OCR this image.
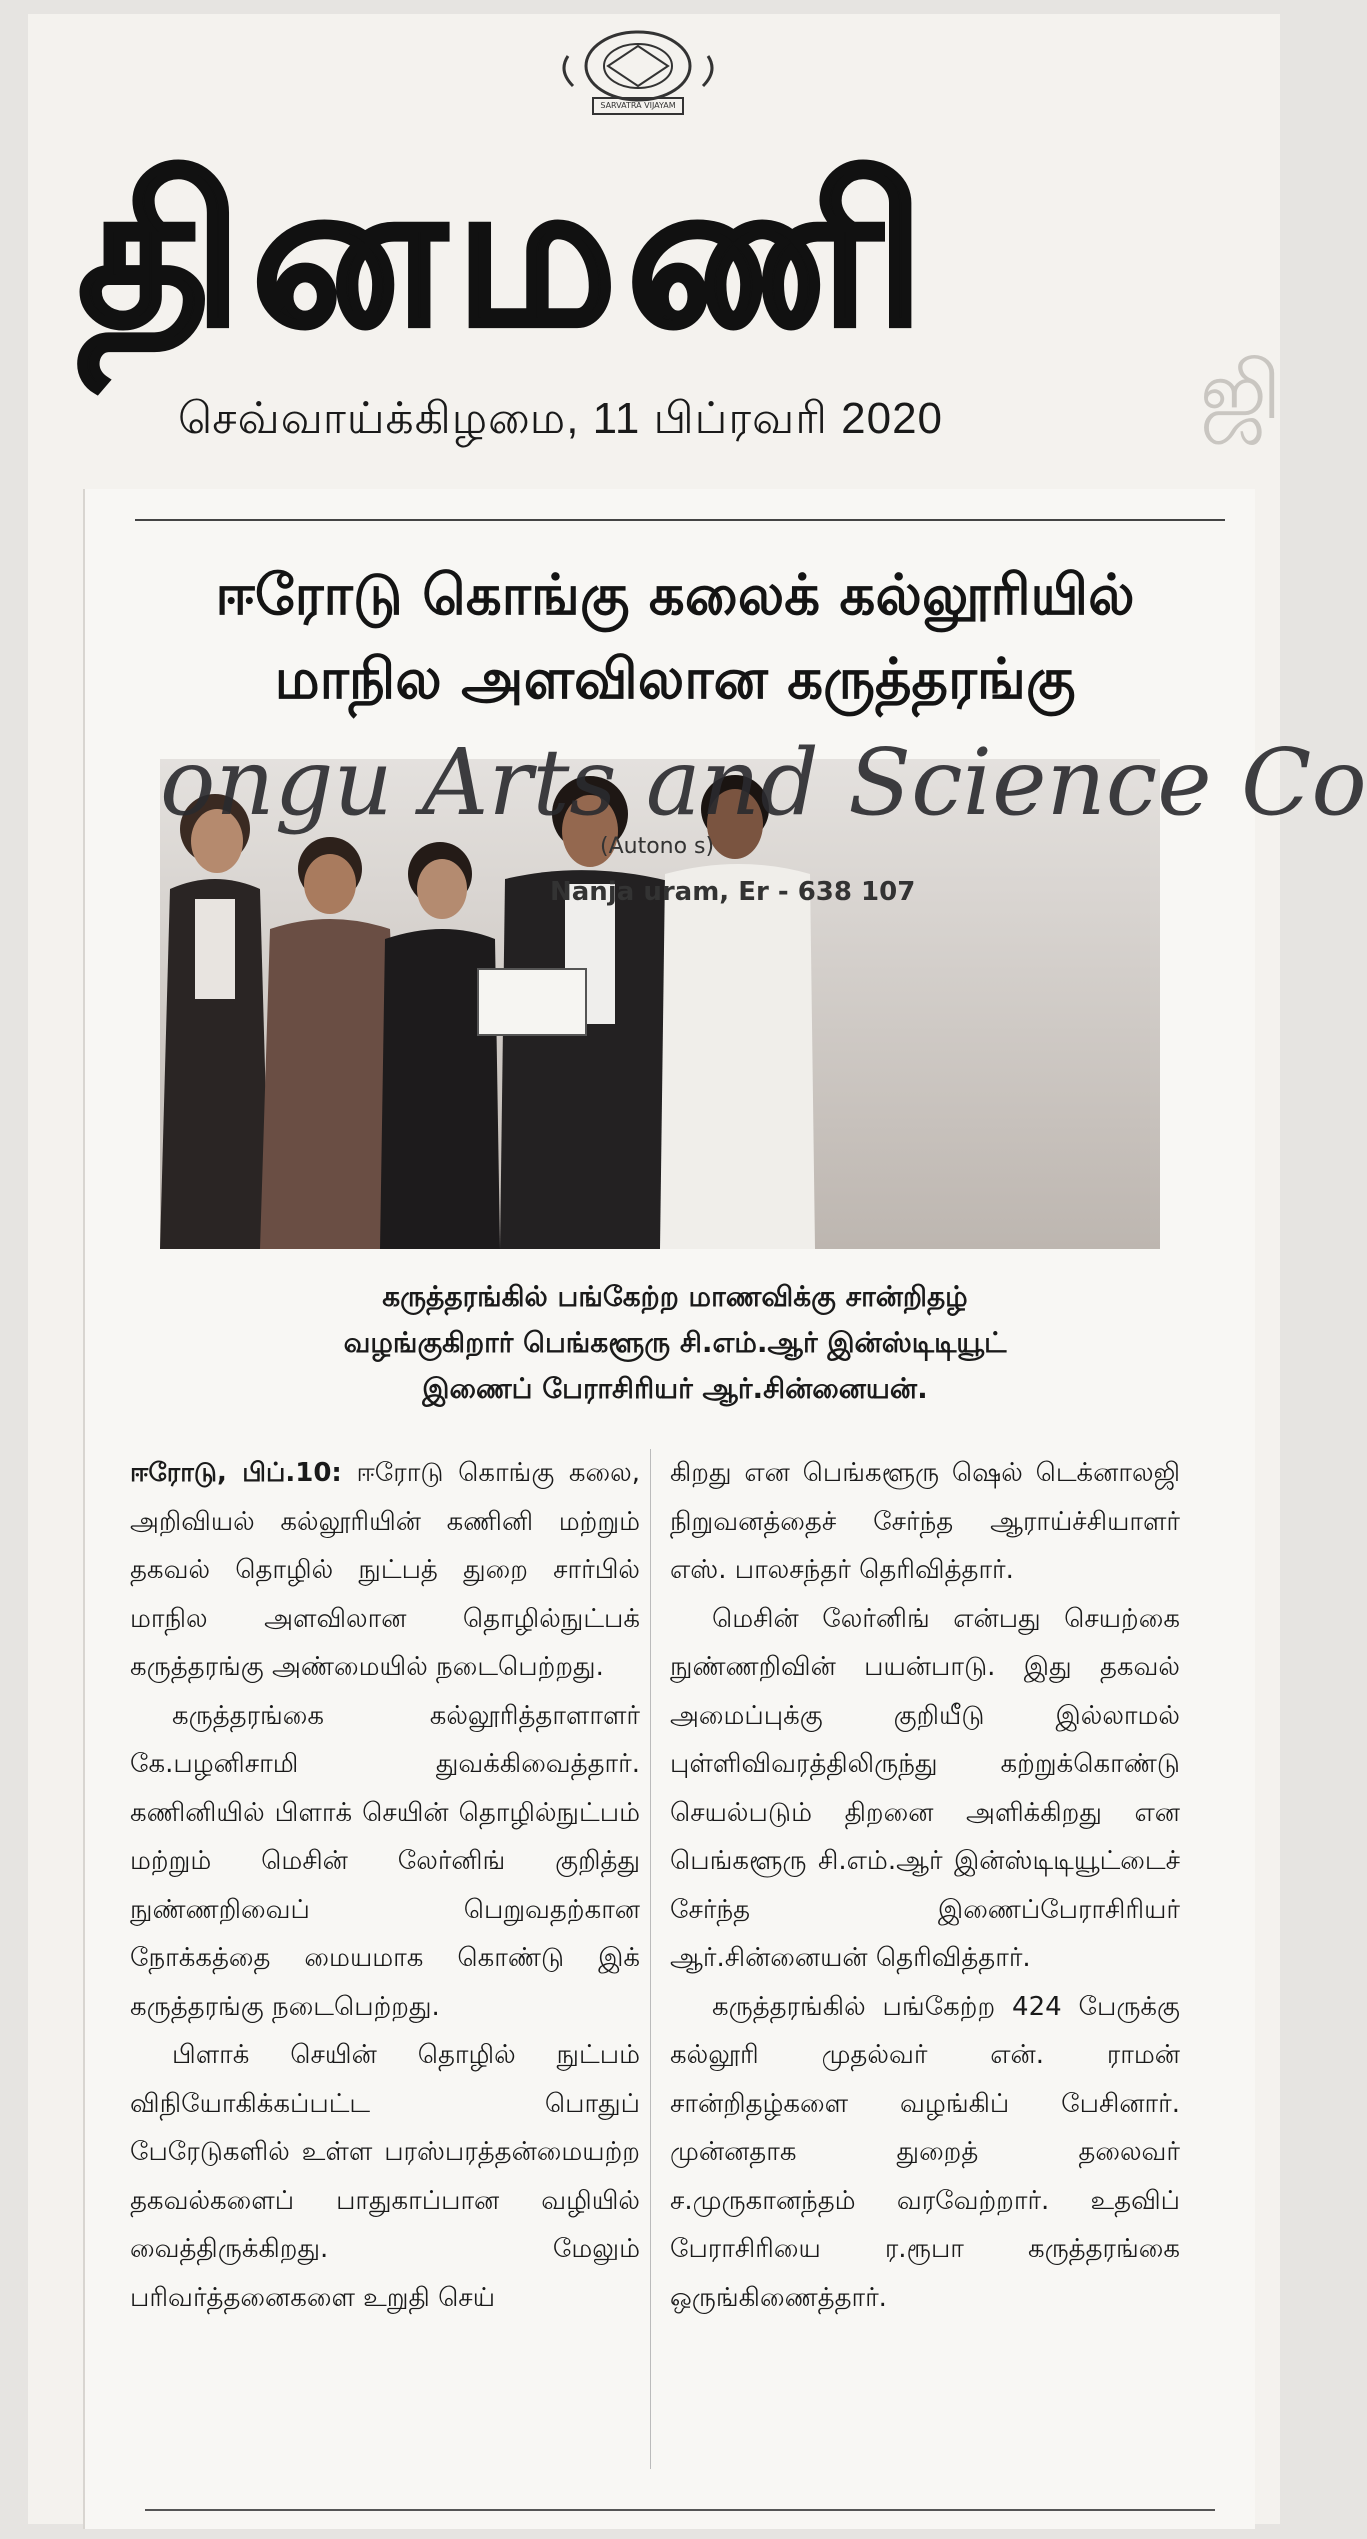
SARVATRA VIJAYAM
தினமணி
செவ்வாய்க்கிழமை, 11 பிப்ரவரி 2020	ஜி
ஈரோடு கொங்கு கலைக் கல்லூரியில்
மாநில அளவிலான கருத்தரங்கு
ongu Arts and Science Co
(Autono s)
Nanja uram, Er - 638 107
கருத்தரங்கில் பங்கேற்ற மாணவிக்கு சான்றிதழ்
வழங்குகிறார் பெங்களூரு சி.எம்.ஆர் இன்ஸ்டிடியூட்
இணைப் பேராசிரியர் ஆர்.சின்னையன்.

ஈரோடு, பிப்.10: ஈரோடு கொங்கு கலை, அறிவியல் கல்லூரியின் கணினி மற்றும் தகவல் தொழில் நுட்பத் துறை சார்பில் மாநில அளவிலான தொழில்நுட்பக் கருத்தரங்கு அண்மையில் நடைபெற்றது.

கருத்தரங்கை கல்லூரித்தாளாளர் கே.பழனிசாமி துவக்கிவைத்தார். கணினியில் பிளாக் செயின் தொழில்நுட்பம் மற்றும் மெசின் லேர்னிங் குறித்து நுண்ணறிவைப் பெறுவதற்கான நோக்கத்தை மையமாக கொண்டு இக் கருத்தரங்கு நடைபெற்றது.

பிளாக் செயின் தொழில் நுட்பம் விநியோகிக்கப்பட்ட பொதுப் பேரேடுகளில் உள்ள பரஸ்பரத்தன்மையற்ற தகவல்களைப் பாதுகாப்பான வழியில் வைத்திருக்கிறது. மேலும் பரிவர்த்தனைகளை உறுதி செய்

கிறது என பெங்களூரு ஷெல் டெக்னாலஜி நிறுவனத்தைச் சேர்ந்த ஆராய்ச்சியாளர் எஸ். பாலசந்தர் தெரிவித்தார்.

மெசின் லேர்னிங் என்பது செயற்கை நுண்ணறிவின் பயன்பாடு. இது தகவல் அமைப்புக்கு குறியீடு இல்லாமல் புள்ளிவிவரத்திலிருந்து கற்றுக்கொண்டு செயல்படும் திறனை அளிக்கிறது என பெங்களூரு சி.எம்.ஆர் இன்ஸ்டிடியூட்டைச் சேர்ந்த இணைப்பேராசிரியர் ஆர்.சின்னையன் தெரிவித்தார்.

கருத்தரங்கில் பங்கேற்ற 424 பேருக்கு கல்லூரி முதல்வர் என். ராமன் சான்றிதழ்களை வழங்கிப் பேசினார். முன்னதாக துறைத் தலைவர் ச.முருகானந்தம் வரவேற்றார். உதவிப் பேராசிரியை ர.ரூபா கருத்தரங்கை ஒருங்கிணைத்தார்.
